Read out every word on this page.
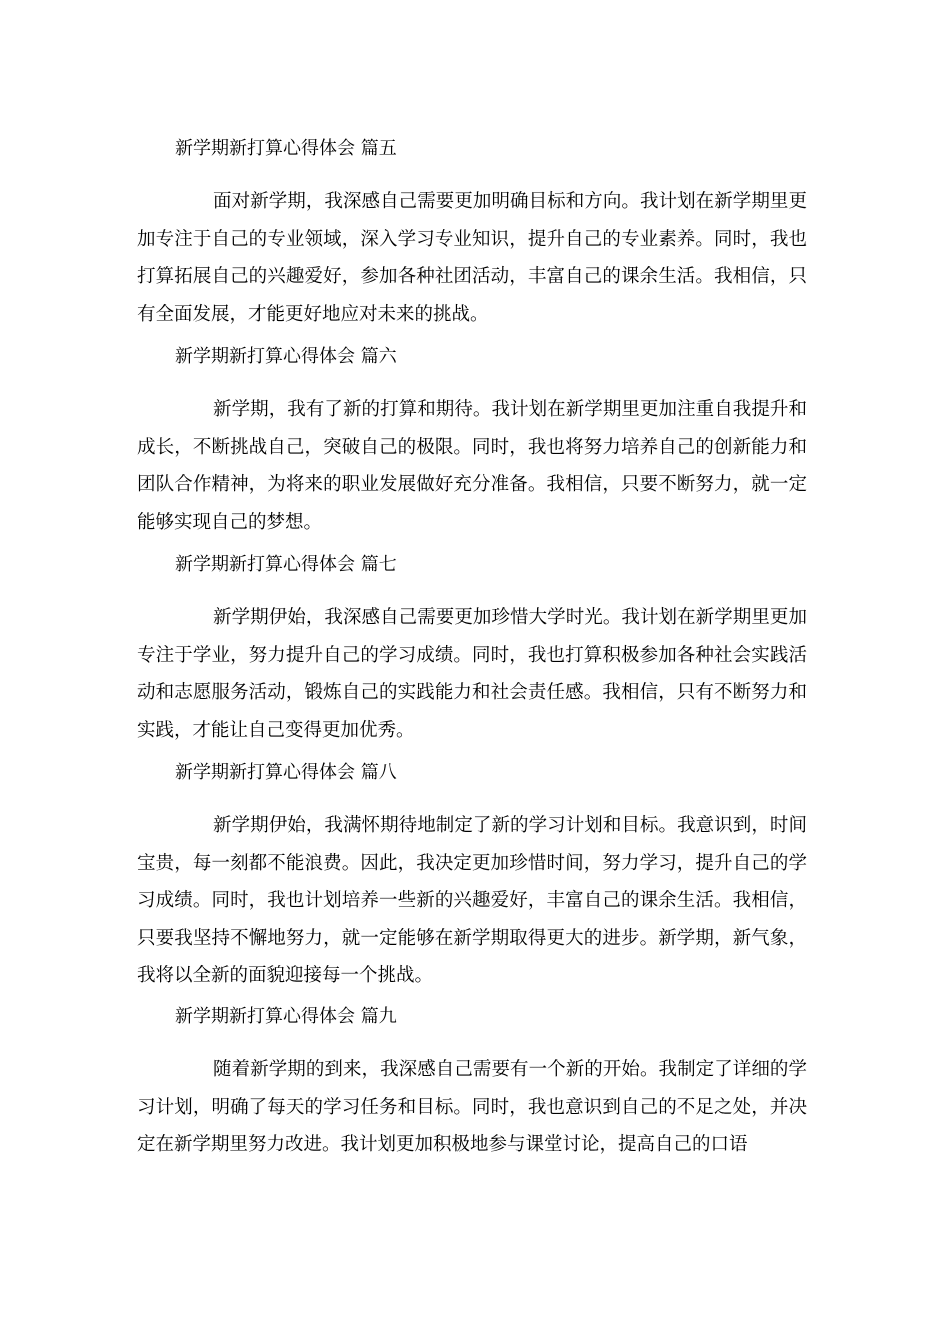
新学期新打算心得体会 篇五

面对新学期，我深感自己需要更加明确目标和方向。我计划在新学期里更加专注于自己的专业领域，深入学习专业知识，提升自己的专业素养。同时，我也打算拓展自己的兴趣爱好，参加各种社团活动，丰富自己的课余生活。我相信，只有全面发展，才能更好地应对未来的挑战。

新学期新打算心得体会 篇六

新学期，我有了新的打算和期待。我计划在新学期里更加注重自我提升和成长，不断挑战自己，突破自己的极限。同时，我也将努力培养自己的创新能力和团队合作精神，为将来的职业发展做好充分准备。我相信，只要不断努力，就一定能够实现自己的梦想。

新学期新打算心得体会 篇七

新学期伊始，我深感自己需要更加珍惜大学时光。我计划在新学期里更加专注于学业，努力提升自己的学习成绩。同时，我也打算积极参加各种社会实践活动和志愿服务活动，锻炼自己的实践能力和社会责任感。我相信，只有不断努力和实践，才能让自己变得更加优秀。

新学期新打算心得体会 篇八

新学期伊始，我满怀期待地制定了新的学习计划和目标。我意识到，时间宝贵，每一刻都不能浪费。因此，我决定更加珍惜时间，努力学习，提升自己的学习成绩。同时，我也计划培养一些新的兴趣爱好，丰富自己的课余生活。我相信，只要我坚持不懈地努力，就一定能够在新学期取得更大的进步。新学期，新气象，我将以全新的面貌迎接每一个挑战。

新学期新打算心得体会 篇九

随着新学期的到来，我深感自己需要有一个新的开始。我制定了详细的学习计划，明确了每天的学习任务和目标。同时，我也意识到自己的不足之处，并决定在新学期里努力改进。我计划更加积极地参与课堂讨论，提高自己的口语
